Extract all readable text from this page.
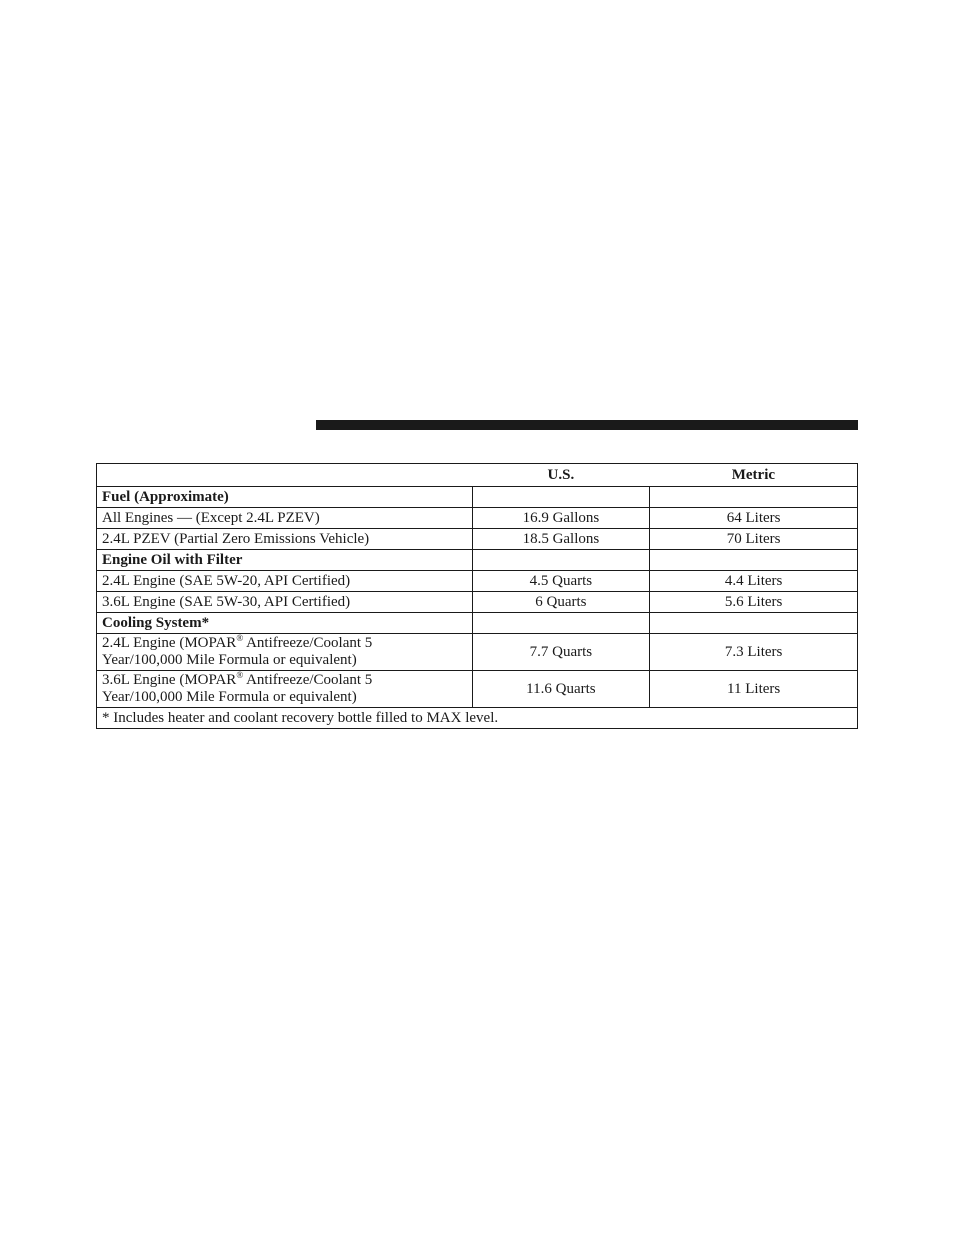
	U.S.	Metric
Fuel (Approximate)		
All Engines — (Except 2.4L PZEV)	16.9 Gallons	64 Liters
2.4L PZEV (Partial Zero Emissions Vehicle)	18.5 Gallons	70 Liters
Engine Oil with Filter		
2.4L Engine (SAE 5W-20, API Certified)	4.5 Quarts	4.4 Liters
3.6L Engine (SAE 5W-30, API Certified)	6 Quarts	5.6 Liters
Cooling System*		
2.4L Engine (MOPAR® Antifreeze/Coolant 5
Year/100,000 Mile Formula or equivalent)	7.7 Quarts	7.3 Liters
3.6L Engine (MOPAR® Antifreeze/Coolant 5
Year/100,000 Mile Formula or equivalent)	11.6 Quarts	11 Liters
* Includes heater and coolant recovery bottle filled to MAX level.		
